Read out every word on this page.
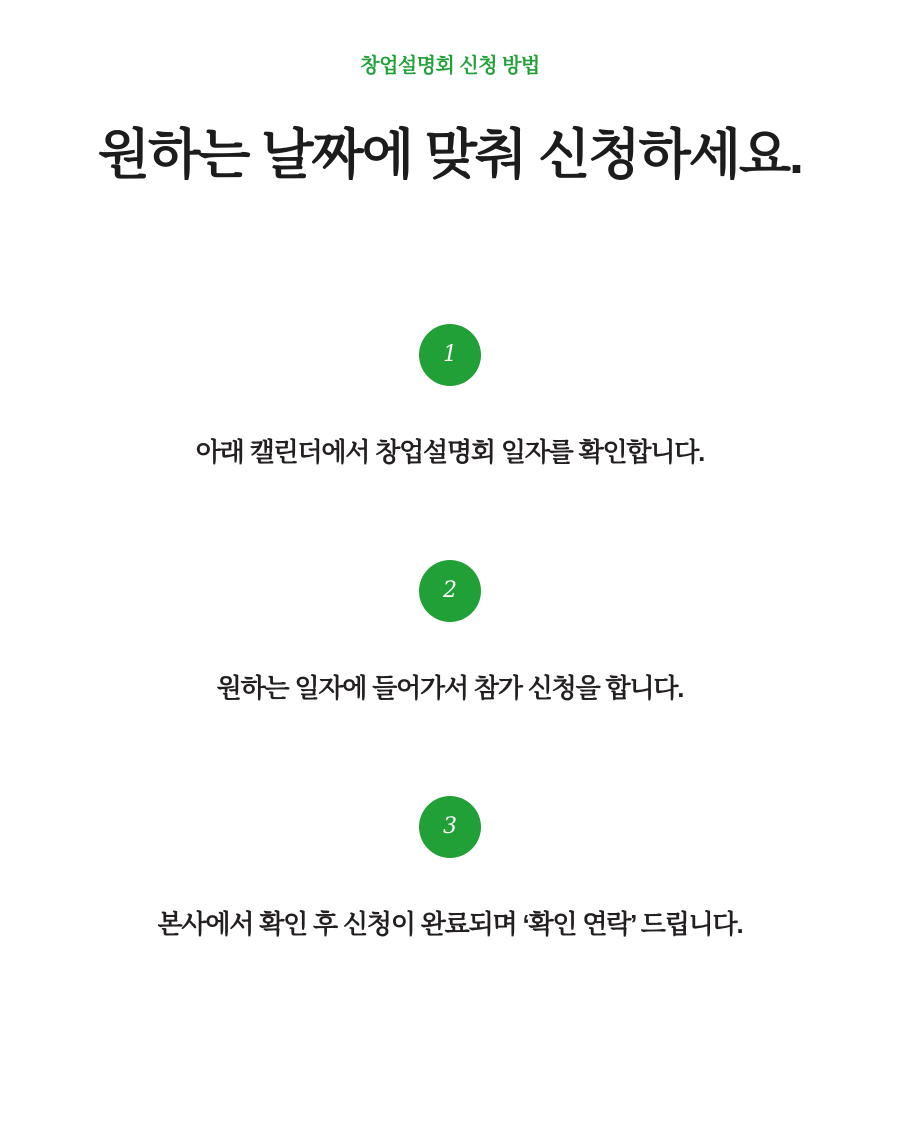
창업설명회 신청 방법
원하는 날짜에 맞춰 신청하세요.
1
아래 캘린더에서 창업설명회 일자를 확인합니다.
2
원하는 일자에 들어가서 참가 신청을 합니다.
3
본사에서 확인 후 신청이 완료되며 ‘확인 연락’ 드립니다.
